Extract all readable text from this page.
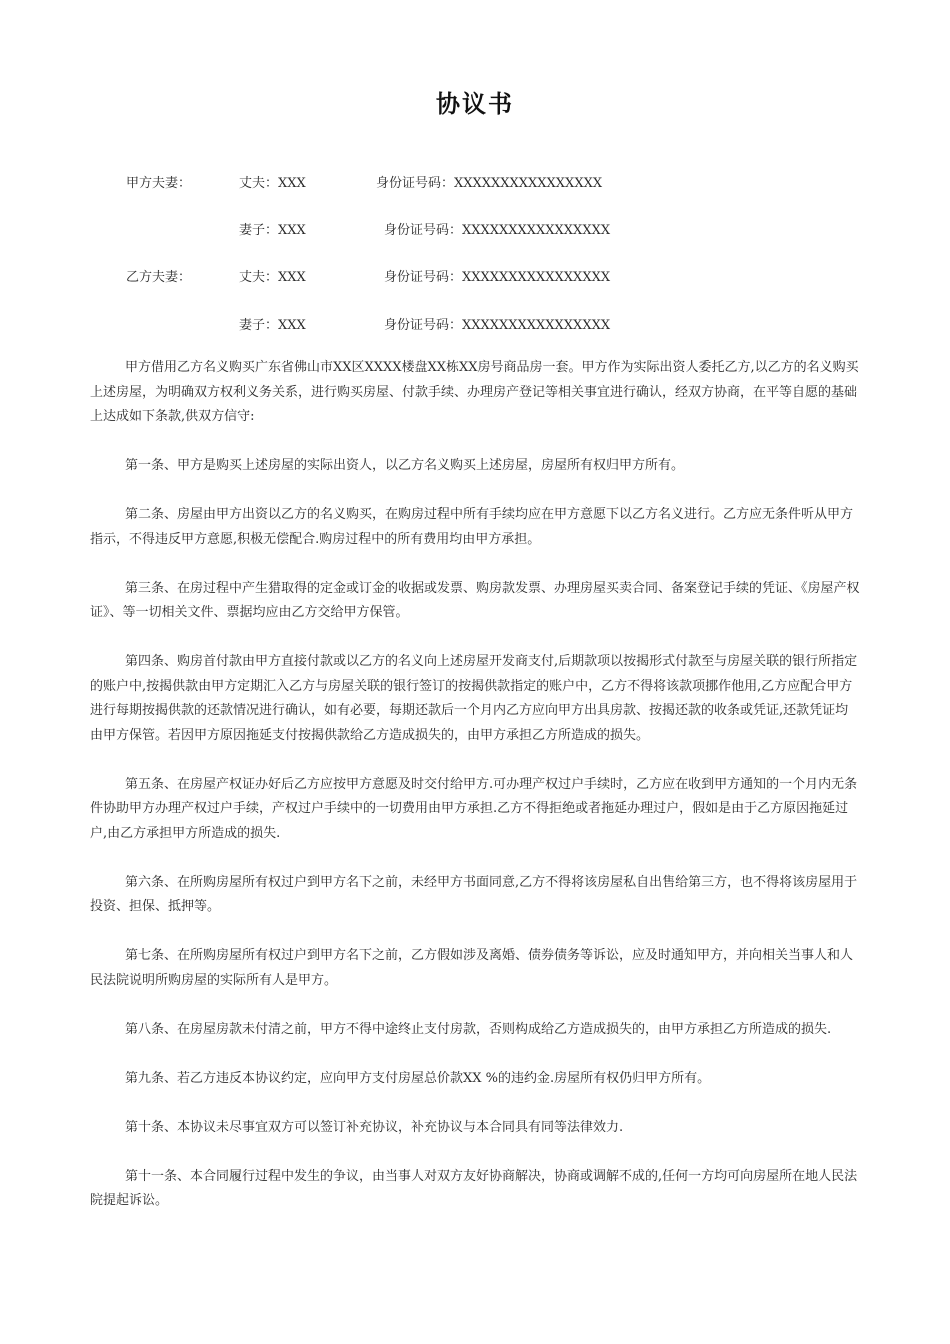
协议书
甲方夫妻：	丈夫：XXX	身份证号码：XXXXXXXXXXXXXXXX
妻子：XXX	身份证号码：XXXXXXXXXXXXXXXX
乙方夫妻：	丈夫：XXX	身份证号码：XXXXXXXXXXXXXXXX
妻子：XXX	身份证号码：XXXXXXXXXXXXXXXX

甲方借用乙方名义购买广东省佛山市XX区XXXX楼盘XX栋XX房号商品房一套。甲方作为实际出资人委托乙方,以乙方的名义购买上述房屋，为明确双方权利义务关系，进行购买房屋、付款手续、办理房产登记等相关事宜进行确认，经双方协商，在平等自愿的基础上达成如下条款,供双方信守:

第一条、甲方是购买上述房屋的实际出资人，以乙方名义购买上述房屋，房屋所有权归甲方所有。

第二条、房屋由甲方出资以乙方的名义购买，在购房过程中所有手续均应在甲方意愿下以乙方名义进行。乙方应无条件听从甲方指示，不得违反甲方意愿,积极无偿配合.购房过程中的所有费用均由甲方承担。

第三条、在房过程中产生猎取得的定金或订金的收据或发票、购房款发票、办理房屋买卖合同、备案登记手续的凭证、《房屋产权证》、等一切相关文件、票据均应由乙方交给甲方保管。

第四条、购房首付款由甲方直接付款或以乙方的名义向上述房屋开发商支付,后期款项以按揭形式付款至与房屋关联的银行所指定的账户中,按揭供款由甲方定期汇入乙方与房屋关联的银行签订的按揭供款指定的账户中，乙方不得将该款项挪作他用,乙方应配合甲方进行每期按揭供款的还款情况进行确认，如有必要，每期还款后一个月内乙方应向甲方出具房款、按揭还款的收条或凭证,还款凭证均由甲方保管。若因甲方原因拖延支付按揭供款给乙方造成损失的，由甲方承担乙方所造成的损失。

第五条、在房屋产权证办好后乙方应按甲方意愿及时交付给甲方.可办理产权过户手续时，乙方应在收到甲方通知的一个月内无条件协助甲方办理产权过户手续，产权过户手续中的一切费用由甲方承担.乙方不得拒绝或者拖延办理过户，假如是由于乙方原因拖延过户,由乙方承担甲方所造成的损失.

第六条、在所购房屋所有权过户到甲方名下之前，未经甲方书面同意,乙方不得将该房屋私自出售给第三方，也不得将该房屋用于投资、担保、抵押等。

第七条、在所购房屋所有权过户到甲方名下之前，乙方假如涉及离婚、债券债务等诉讼，应及时通知甲方，并向相关当事人和人民法院说明所购房屋的实际所有人是甲方。

第八条、在房屋房款未付清之前，甲方不得中途终止支付房款，否则构成给乙方造成损失的，由甲方承担乙方所造成的损失.

第九条、若乙方违反本协议约定，应向甲方支付房屋总价款XX %的违约金.房屋所有权仍归甲方所有。

第十条、本协议未尽事宜双方可以签订补充协议，补充协议与本合同具有同等法律效力.

第十一条、本合同履行过程中发生的争议，由当事人对双方友好协商解决，协商或调解不成的,任何一方均可向房屋所在地人民法院提起诉讼。
